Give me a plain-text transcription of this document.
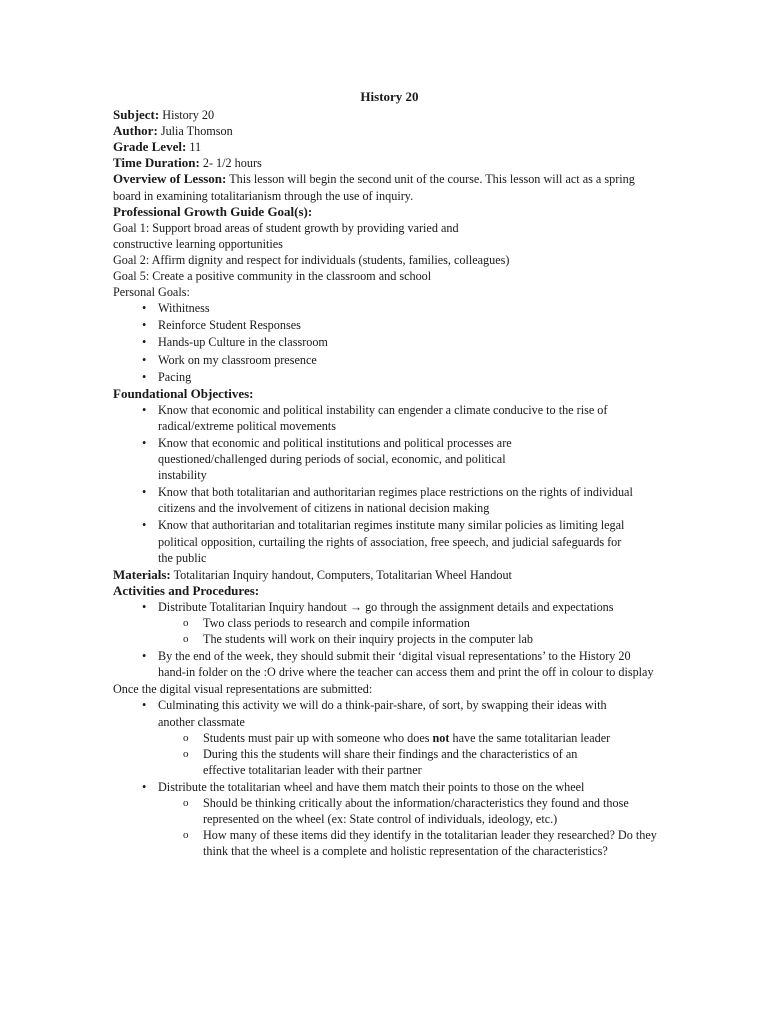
History 20
Subject: History 20
Author: Julia Thomson
Grade Level: 11
Time Duration: 2- 1/2 hours
Overview of Lesson: This lesson will begin the second unit of the course. This lesson will act as a spring board in examining totalitarianism through the use of inquiry.
Professional Growth Guide Goal(s):
Goal 1: Support broad areas of student growth by providing varied and constructive learning opportunities
Goal 2: Affirm dignity and respect for individuals (students, families, colleagues)
Goal 5: Create a positive community in the classroom and school
Personal Goals:
• Withitness
• Reinforce Student Responses
• Hands-up Culture in the classroom
• Work on my classroom presence
• Pacing
Foundational Objectives:
• Know that economic and political instability can engender a climate conducive to the rise of radical/extreme political movements
• Know that economic and political institutions and political processes are questioned/challenged during periods of social, economic, and political instability
• Know that both totalitarian and authoritarian regimes place restrictions on the rights of individual citizens and the involvement of citizens in national decision making
• Know that authoritarian and totalitarian regimes institute many similar policies as limiting legal political opposition, curtailing the rights of association, free speech, and judicial safeguards for the public
Materials: Totalitarian Inquiry handout, Computers, Totalitarian Wheel Handout
Activities and Procedures:
• Distribute Totalitarian Inquiry handout → go through the assignment details and expectations
o Two class periods to research and compile information
o The students will work on their inquiry projects in the computer lab
• By the end of the week, they should submit their ‘digital visual representations’ to the History 20 hand-in folder on the :O drive where the teacher can access them and print the off in colour to display
Once the digital visual representations are submitted:
• Culminating this activity we will do a think-pair-share, of sort, by swapping their ideas with another classmate
o Students must pair up with someone who does not have the same totalitarian leader
o During this the students will share their findings and the characteristics of an effective totalitarian leader with their partner
• Distribute the totalitarian wheel and have them match their points to those on the wheel
o Should be thinking critically about the information/characteristics they found and those represented on the wheel (ex: State control of individuals, ideology, etc.)
o How many of these items did they identify in the totalitarian leader they researched? Do they think that the wheel is a complete and holistic representation of the characteristics?
